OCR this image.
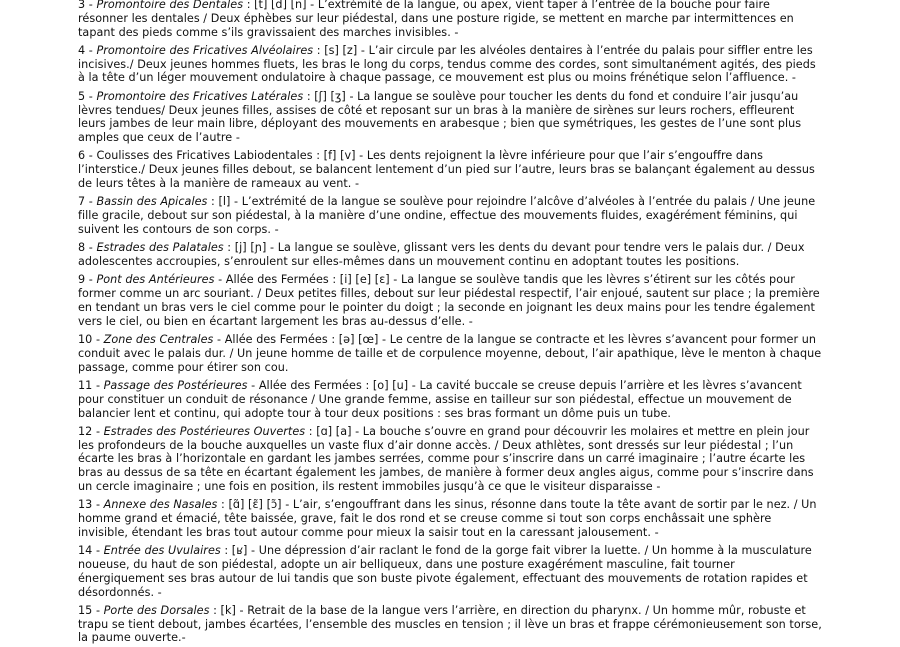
3 - Promontoire des Dentales : [t] [d] [n] - L’extrémité de la langue, ou apex, vient taper à l’entrée de la bouche pour faire résonner les dentales / Deux éphèbes sur leur piédestal, dans une posture rigide, se mettent en marche par intermittences en tapant des pieds comme s’ils gravissaient des marches invisibles. -

4 - Promontoire des Fricatives Alvéolaires : [s] [z] - L’air circule par les alvéoles dentaires à l’entrée du palais pour siffler entre les incisives./ Deux jeunes hommes fluets, les bras le long du corps, tendus comme des cordes, sont simultanément agités, des pieds à la tête d’un léger mouvement ondulatoire à chaque passage, ce mouvement est plus ou moins frénétique selon l’affluence. -

5 - Promontoire des Fricatives Latérales : [ʃ] [ʒ] - La langue se soulève pour toucher les dents du fond et conduire l’air jusqu’au lèvres tendues/ Deux jeunes filles, assises de côté et reposant sur un bras à la manière de sirènes sur leurs rochers, effleurent leurs jambes de leur main libre, déployant des mouvements en arabesque ; bien que symétriques, les gestes de l’une sont plus amples que ceux de l’autre -

6 - Coulisses des Fricatives Labiodentales : [f] [v] - Les dents rejoignent la lèvre inférieure pour que l’air s’engouffre dans l’interstice./ Deux jeunes filles debout, se balancent lentement d’un pied sur l’autre, leurs bras se balançant également au dessus de leurs têtes à la manière de rameaux au vent. -

7 - Bassin des Apicales : [l] - L’extrémité de la langue se soulève pour rejoindre l’alcôve d’alvéoles à l’entrée du palais / Une jeune fille gracile, debout sur son piédestal, à la manière d’une ondine, effectue des mouvements fluides, exagérément féminins, qui suivent les contours de son corps. -

8 - Estrades des Palatales : [j] [ɲ] - La langue se soulève, glissant vers les dents du devant pour tendre vers le palais dur. / Deux adolescentes accroupies, s’enroulent sur elles-mêmes dans un mouvement continu en adoptant toutes les positions.

9 - Pont des Antérieures - Allée des Fermées : [i] [e] [ɛ] - La langue se soulève tandis que les lèvres s’étirent sur les côtés pour former comme un arc souriant. / Deux petites filles, debout sur leur piédestal respectif, l’air enjoué, sautent sur place ; la première en tendant un bras vers le ciel comme pour le pointer du doigt ; la seconde en joignant les deux mains pour les tendre également vers le ciel, ou bien en écartant largement les bras au-dessus d’elle. -

10 - Zone des Centrales - Allée des Fermées : [ə] [œ] - Le centre de la langue se contracte et les lèvres s’avancent pour former un conduit avec le palais dur. / Un jeune homme de taille et de corpulence moyenne, debout, l’air apathique, lève le menton à chaque passage, comme pour étirer son cou.

11 - Passage des Postérieures - Allée des Fermées : [o] [u] - La cavité buccale se creuse depuis l’arrière et les lèvres s’avancent pour constituer un conduit de résonance / Une grande femme, assise en tailleur sur son piédestal, effectue un mouvement de balancier lent et continu, qui adopte tour à tour deux positions : ses bras formant un dôme puis un tube.

12 - Estrades des Postérieures Ouvertes : [ɑ] [a] - La bouche s’ouvre en grand pour découvrir les molaires et mettre en plein jour les profondeurs de la bouche auxquelles un vaste flux d’air donne accès. / Deux athlètes, sont dressés sur leur piédestal ; l’un écarte les bras à l’horizontale en gardant les jambes serrées, comme pour s’inscrire dans un carré imaginaire ; l’autre écarte les bras au dessus de sa tête en écartant également les jambes, de manière à former deux angles aigus, comme pour s’inscrire dans un cercle imaginaire ; une fois en position, ils restent immobiles jusqu’à ce que le visiteur disparaisse -

13 - Annexe des Nasales : [ɑ̃] [ɛ̃] [ɔ̃] - L’air, s’engouffrant dans les sinus, résonne dans toute la tête avant de sortir par le nez. / Un homme grand et émacié, tête baissée, grave, fait le dos rond et se creuse comme si tout son corps enchâssait une sphère invisible, étendant les bras tout autour comme pour mieux la saisir tout en la caressant jalousement. -

14 - Entrée des Uvulaires : [ʁ] - Une dépression d’air raclant le fond de la gorge fait vibrer la luette. / Un homme à la musculature noueuse, du haut de son piédestal, adopte un air belliqueux, dans une posture exagérément masculine, fait tourner énergiquement ses bras autour de lui tandis que son buste pivote également, effectuant des mouvements de rotation rapides et désordonnés. -

15 - Porte des Dorsales : [k] - Retrait de la base de la langue vers l’arrière, en direction du pharynx. / Un homme mûr, robuste et trapu se tient debout, jambes écartées, l’ensemble des muscles en tension ; il lève un bras et frappe cérémonieusement son torse, la paume ouverte.-
